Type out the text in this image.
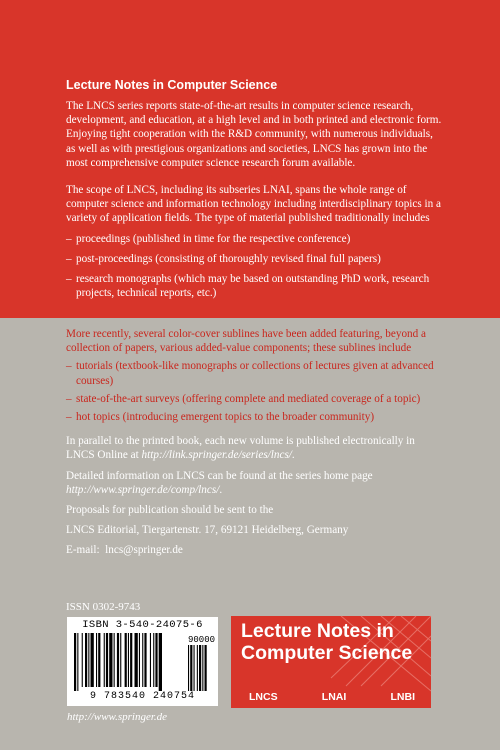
Lecture Notes in Computer Science

The LNCS series reports state-of-the-art results in computer science research, development, and education, at a high level and in both printed and electronic form. Enjoying tight cooperation with the R&D community, with numerous individuals, as well as with prestigious organizations and societies, LNCS has grown into the most comprehensive computer science research forum available.

The scope of LNCS, including its subseries LNAI, spans the whole range of computer science and information technology including interdisciplinary topics in a variety of application fields. The type of material published traditionally includes

– proceedings (published in time for the respective conference)
– post-proceedings (consisting of thoroughly revised final full papers)
– research monographs (which may be based on outstanding PhD work, research projects, technical reports, etc.)

More recently, several color-cover sublines have been added featuring, beyond a collection of papers, various added-value components; these sublines include

– tutorials (textbook-like monographs or collections of lectures given at advanced courses)
– state-of-the-art surveys (offering complete and mediated coverage of a topic)
– hot topics (introducing emergent topics to the broader community)

In parallel to the printed book, each new volume is published electronically in LNCS Online at http://link.springer.de/series/lncs/.

Detailed information on LNCS can be found at the series home page http://www.springer.de/comp/lncs/.

Proposals for publication should be sent to the

LNCS Editorial, Tiergartenstr. 17, 69121 Heidelberg, Germany

E-mail: lncs@springer.de

ISSN 0302-9743
ISBN 3-540-24075-6
90000
9 783540 240754
http://www.springer.de
Lecture Notes in
Computer Science
LNCS	LNAI	LNBI
